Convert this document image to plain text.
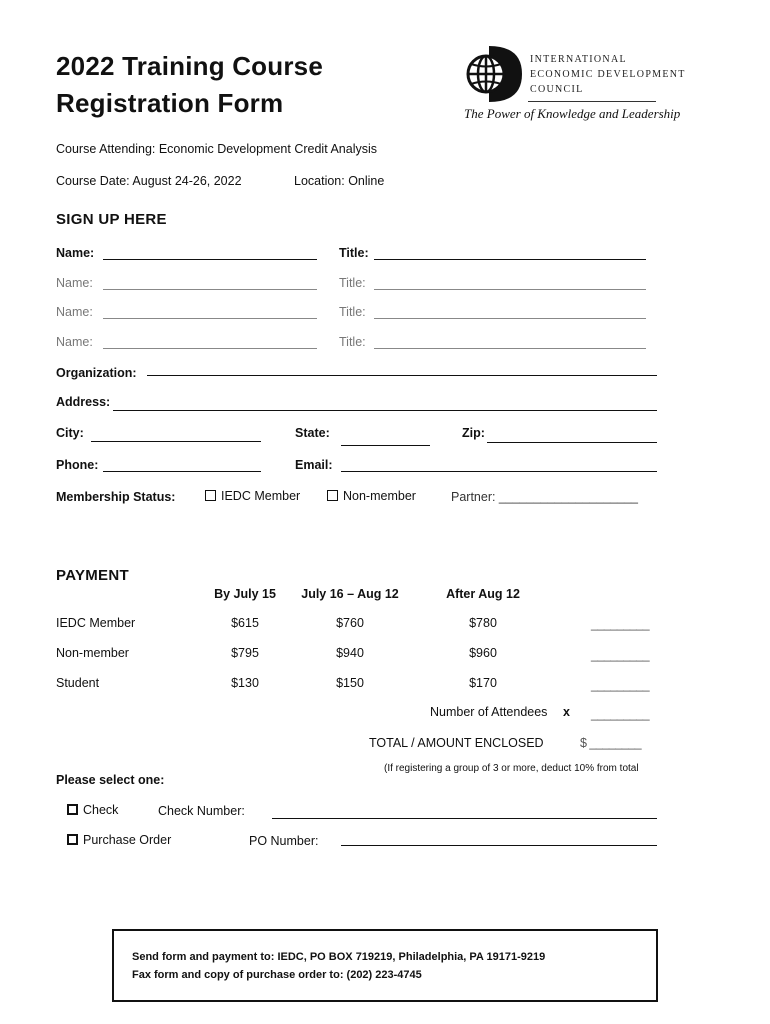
2022 Training Course
Registration Form
INTERNATIONAL
ECONOMIC DEVELOPMENT
COUNCIL
The Power of Knowledge and Leadership
Course Attending: Economic Development Credit Analysis
Course Date: August 24-26, 2022	Location: Online
SIGN UP HERE
Name:	Title:
Name:	Title:
Name:	Title:
Name:	Title:
Organization:
Address:
City:	State:	Zip:
Phone:	Email:
Membership Status:	IEDC Member	Non-member	Partner: ____________________
PAYMENT
By July 15	July 16 – Aug 12	After Aug 12
IEDC Member	$615	$760	$780	_________
Non-member	$795	$940	$960	_________
Student	$130	$150	$170	_________
Number of Attendees x _________
TOTAL / AMOUNT ENCLOSED	$ ________
(If registering a group of 3 or more, deduct 10% from total
Please select one:
Check	Check Number:
Purchase Order	PO Number:
Send form and payment to: IEDC, PO BOX 719219, Philadelphia, PA 19171-9219
Fax form and copy of purchase order to: (202) 223-4745
